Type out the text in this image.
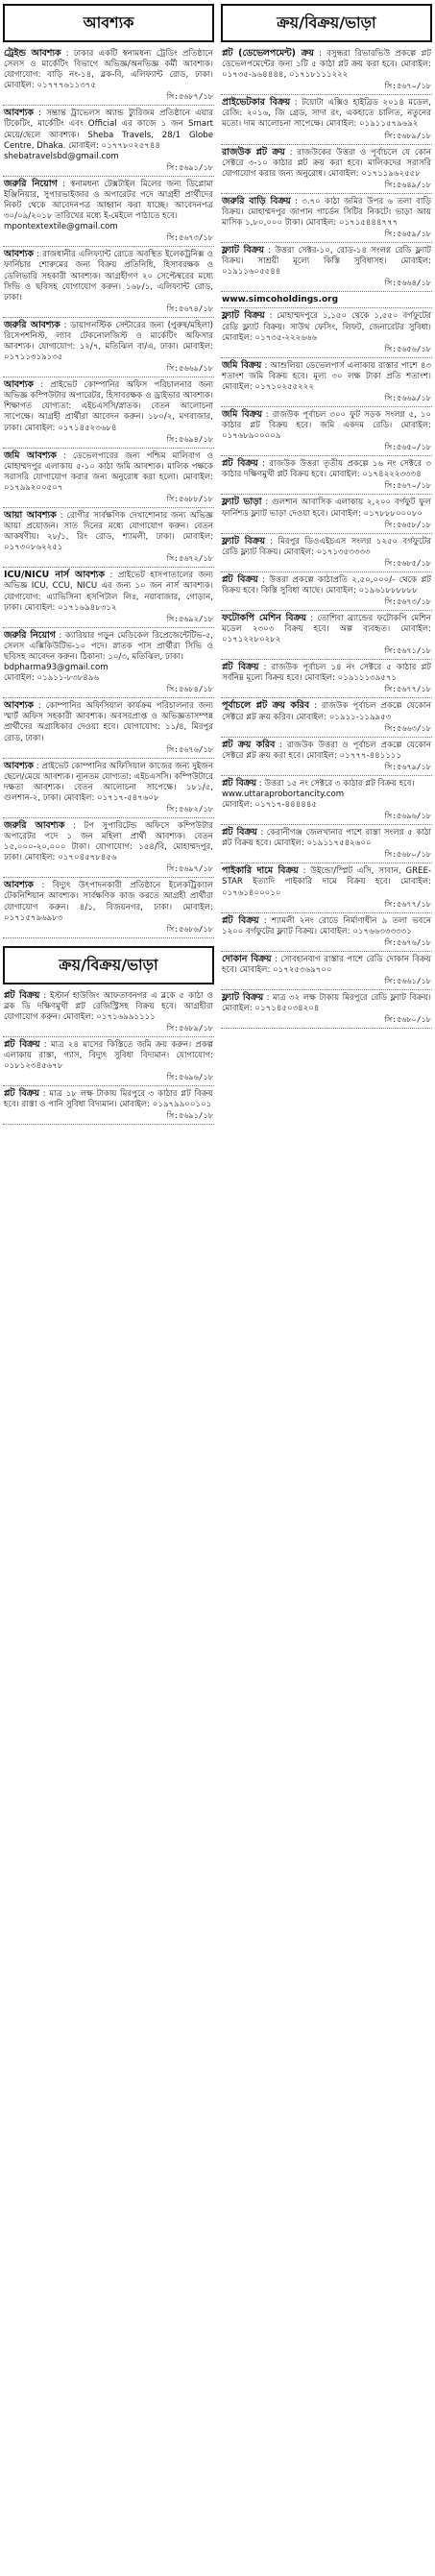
আবশ্যক

ট্রেইন্ড আবশ্যক : ঢাকার একটি স্বনামধন্য ট্রেডিং প্রতিষ্ঠানে সেলস ও মার্কেটিং বিভাগে অভিজ্ঞ/অনভিজ্ঞ কর্মী আবশ্যক। যোগাযোগ: বাড়ি নং-১৪, ব্লক-বি, এলিফ্যান্ট রোড, ঢাকা। মোবাইল: ০১৭৭৭৬১১৩৭৫
সি:৫৬৮৭/১৮

আবশ্যক : সম্ভ্রান্ত ট্রাভেলস অ্যান্ড ট্যুরিজম প্রতিষ্ঠানে এয়ার টিকেটিং, মার্কেটিং এবং Official এর কাজে ১ জন Smart মেয়ে/ছেলে আবশ্যক। Sheba Travels, 28/1 Globe Centre, Dhaka. মোবাইল: ০১৭৭৮০২৫৭৪৪
shebatravelsbd@gmail.com
সি:৫৬৯১/১৮

জরুরি নিয়োগ : স্বনামধন্য টেক্সটাইল মিলের জন্য ডিপ্লোমা ইঞ্জিনিয়ার, সুপারভাইজার ও অপারেটর পদে আগ্রহী প্রার্থীদের নিকট থেকে আবেদনপত্র আহ্বান করা যাচ্ছে। আবেদনপত্র ৩০/০৯/২০১৮ তারিখের মধ্যে ই-মেইলে পাঠাতে হবে।
mpontextextile@gmail.com
সি:৫৬৭৩/১৮

আবশ্যক : রাজধানীর এলিফ্যান্ট রোডে অবস্থিত ইলেকট্রনিক্স ও ফার্নিচার শোরুমের জন্য বিক্রয় প্রতিনিধি, হিসাবরক্ষক ও ডেলিভারি সহকারী আবশ্যক। আগ্রহীগণ ২০ সেপ্টেম্বরের মধ্যে সিভি ও ছবিসহ যোগাযোগ করুন। ১৬৮/১, এলিফ্যান্ট রোড, ঢাকা।
সি:৫৬৭৪/১৮

জরুরি আবশ্যক : ডায়াগনস্টিক সেন্টারের জন্য (পুরুষ/মহিলা) রিসেপশনিস্ট, ল্যাব টেকনোলজিস্ট ও মার্কেটিং অফিসার আবশ্যক। যোগাযোগ: ১২/৭, মতিঝিল বা/এ, ঢাকা। মোবাইল: ০১৭১১৩১৯১৩৫
সি:৫৬৬৯/১৮

আবশ্যক : প্রাইভেট কোম্পানির অফিস পরিচালনার জন্য অভিজ্ঞ কম্পিউটার অপারেটর, হিসাবরক্ষক ও ড্রাইভার আবশ্যক। শিক্ষাগত যোগ্যতা: এইচএসসি/স্নাতক। বেতন আলোচনা সাপেক্ষে। আগ্রহী প্রার্থীরা আবেদন করুন। ১৮০/২, মগবাজার, ঢাকা। মোবাইল: ০১৭১৪৫২৩৬৮৪
সি:৫৬৯৪/১৮

জমি আবশ্যক : ডেভেলপারের জন্য পশ্চিম মালিবাগ ও মোহাম্মদপুর এলাকায় ৫-১০ কাঠা জমি আবশ্যক। মালিক পক্ষকে সরাসরি যোগাযোগ করার জন্য অনুরোধ করা হলো। মোবাইল: ০১৭৯৯২০০৫০৭
সি:৫৬৮৮/১৮

আয়া আবশ্যক : রোগীর সার্বক্ষণিক দেখাশোনার জন্য অভিজ্ঞ আয়া প্রয়োজন। সাত দিনের মধ্যে যোগাযোগ করুন। বেতন আকর্ষণীয়। ২৮/১, রিং রোড, শ্যামলী, ঢাকা। মোবাইল: ০১৭৩০৮৬২২৫১
সি:৫৬৭২/১৮

ICU/NICU নার্স আবশ্যক : প্রাইভেট হাসপাতালের জন্য অভিজ্ঞ ICU, CCU, NICU এর জন্য ১০ জন নার্স আবশ্যক। যোগাযোগ: এ্যাভিসিনা হসপিটাল লিঃ, নয়াবাজার, গোড়ান, ঢাকা। মোবাইল: ০১৭১৬৯৪৮৩১২
সি:৫৬৯২/১৮

জরুরি নিয়োগ : ক্যারিয়ার গড়ুন মেডিকেল রিপ্রেজেন্টেটিভ-৫, সেলস এক্সিকিউটিভ-১০ পদে। স্নাতক পাস প্রার্থীরা সিভি ও ছবিসহ আবেদন করুন। ঠিকানা: ১০/৩, মতিঝিল, ঢাকা।
bdpharma93@gmail.com
মোবাইল: ০১৯১১-৮৩৮৪৯৬
সি:৫৬৮৪/১৮

আবশ্যক : কোম্পানির অফিসিয়াল কার্যক্রম পরিচালনার জন্য স্মার্ট অফিস সহকারী আবশ্যক। অবসরপ্রাপ্ত ও অভিজ্ঞতাসম্পন্ন প্রার্থীদের অগ্রাধিকার দেওয়া হবে। যোগাযোগ: ১১/৪, মিরপুর রোড, ঢাকা।
সি:৫৬৭৬/১৮

আবশ্যক : প্রাইভেট কোম্পানির অফিসিয়াল কাজের জন্য দুইজন ছেলে/মেয়ে আবশ্যক। ন্যূনতম যোগ্যতা: এইচএসসি। কম্পিউটারে দক্ষতা আবশ্যক। বেতন আলোচনা সাপেক্ষে। ১৮১/৫, গুলশান-২, ঢাকা। মোবাইল: ০১৭১৭-৫৪৭৬০৮
সি:৫৬৮২/১৮

জরুরি আবশ্যক : টপ সুপারিটেন্ড অফিসে কম্পিউটার অপারেটর পদে ১ জন মহিলা প্রার্থী আবশ্যক। বেতন ১৫,০০০-২০,০০০ টাকা। যোগাযোগ: ১৫৪/বি, মোহাম্মদপুর, ঢাকা। মোবাইল: ০১৭০৪৫৭৮৪৫৬
সি:৫৬৯৭/১৮

আবশ্যক : বিদ্যুৎ উৎপাদনকারী প্রতিষ্ঠানে ইলেকট্রিক্যাল টেকনিশিয়ান আবশ্যক। সার্বক্ষণিক কাজ করতে আগ্রহী প্রার্থীরা যোগাযোগ করুন। ৪/১, বিজয়নগর, ঢাকা। মোবাইল: ০১৭১৫৭৯৬৯৮৩
সি:৫৬৮৬/১৮

ক্রয়/বিক্রয়/ভাড়া

প্লট বিক্রয় : ইস্টার্ন হাউজিং আফতাবনগর এ ব্লকে ৫ কাঠা ও ব্লক ডি দক্ষিণমুখী প্লট রেজিস্ট্রিসহ বিক্রয় হবে। আগ্রহীরা যোগাযোগ করুন। মোবাইল: ০১৭১৬৯৯১১১১
সি:৫৬৮৯/১৮

প্লট বিক্রয় : মাত্র ২৪ মাসের কিস্তিতে জমি ক্রয় করুন। প্রকল্প এলাকায় রাস্তা, গ্যাস, বিদ্যুৎ সুবিধা বিদ্যমান। যোগাযোগ: ০১৮১২৩৪৫৬৭৮
সি:৫৬৯৬/১৮

প্লট বিক্রয় : মাত্র ১৮ লক্ষ টাকায় মিরপুরে ৩ কাঠার প্লট বিক্রয় হবে। রাস্তা ও পানি সুবিধা বিদ্যমান। মোবাইল: ০১৯৭৯৯০০১০১
সি:৫৬৯১/১৮

ক্রয়/বিক্রয়/ভাড়া

প্লট (ডেভেলপমেন্ট) ক্রয় : বসুন্ধরা রিভারভিউ প্রকল্পে প্লট ডেভেলপমেন্টের জন্য ১টি ৫ কাঠা প্লট ক্রয় করা হবে। মোবাইল: ০১৭৩৫-৯৬৪৪৪৪, ০১৭১৮১১১২২২
সি:৫৬৭০/১৮

প্রাইভেটকার বিক্রয় : টয়োটা এক্সিও হাইব্রিড ২০১৪ মডেল, রেজি: ২০১৬, জি গ্রেড, সাদা রং, একহাতে চালিত, নতুনের মতো। দাম আলোচনা সাপেক্ষে। মোবাইল: ০১৯১১৫৭৯৬৯২
সি:৫৬৮৯/১৮

রাজউক প্লট ক্রয় : রাজউকের উত্তরা ও পূর্বাচলে যে কোন সেক্টরে ৩-১০ কাঠার প্লট ক্রয় করা হবে। মালিকদের সরাসরি যোগাযোগ করার জন্য অনুরোধ। মোবাইল: ০১৭১১৯৬২৫৫৮
সি:৫৬৪৯/১৮

জরুরি বাড়ি বিক্রয় : ৩.৭০ কাঠা জমির উপর ৬ তলা বাড়ি বিক্রয়। মোহাম্মদপুর জাপান গার্ডেন সিটির নিকটে। ভাড়া আয় মাসিক ১,৮০,০০০ টাকা। মোবাইল: ০১৭১৫৪৪৪৭৭৭
সি:৫৬৫৯/১৮

ফ্ল্যাট বিক্রয় : উত্তরা সেক্টর-১০, রোড-১৪ সংলগ্ন রেডি ফ্ল্যাট বিক্রয়। সাশ্রয়ী মূল্যে কিস্তি সুবিধাসহ। মোবাইল: ০১৯১১৬০৫৫৪৪
সি:৫৬৬৪/১৮

www.simcoholdings.org

ফ্ল্যাট বিক্রয় : মোহাম্মদপুরে ১,১৫০ থেকে ১,৫৫০ বর্গফুটের রেডি ফ্ল্যাট বিক্রয়। সাউথ ফেসিং, লিফট, জেনারেটর সুবিধা। মোবাইল: ০১৭৩৫-২২২৬৬৬
সি:৫৬৫৬/১৮

জমি বিক্রয় : আশুলিয়া ডেভেলপার্স এলাকায় রাস্তার পাশে ৪৩ শতাংশ জমি বিক্রয় হবে। মূল্য ৩০ লক্ষ টাকা প্রতি শতাংশ। মোবাইল: ০১৭১০২৫৫২২২
সি:৫৬৬৯/১৮

জমি বিক্রয় : রাজউক পূর্বাচল ৩০০ ফুট সড়ক সংলগ্ন ৫, ১০ কাঠার প্লট বিক্রয় হবে। জমি একদম রেডি। মোবাইল: ০১৭৬৮৯০০০০৯
সি:৫৬৫০/১৮

প্লট বিক্রয় : রাজউক উত্তরা তৃতীয় প্রকল্পে ১৬ নং সেক্টরে ৩ কাঠার দক্ষিণমুখী প্লট বিক্রয় হবে। মোবাইল: ০১৭৪২২২৩৩৩৪
সি:৫৬৭০/১৮

ফ্ল্যাট ভাড়া : গুলশান আবাসিক এলাকায় ২,২০০ বর্গফুট ফুল ফার্নিশড ফ্ল্যাট ভাড়া দেওয়া হবে। মোবাইল: ০১৭৮৮৮০০০৮০
সি:৫৬৫৮/১৮

ফ্ল্যাট বিক্রয় : মিরপুর ডিওএইচএস সংলগ্ন ১২৫০ বর্গফুটের রেডি ফ্ল্যাট বিক্রয়। মোবাইল: ০১৭১৩৫৩৩৩৩
সি:৫৬৮৫/১৮

প্লট বিক্রয় : উত্তরা প্রকল্পে কাঠাপ্রতি ২,৫০,০০০/- থেকে প্লট বিক্রয় হবে। কিস্তি সুবিধা আছে। মোবাইল: ০১৯৬১৮৮৮৮৮৮
সি:৫৬৭৩/১৮

ফটোকপি মেশিন বিক্রয় : তোশিবা ব্র্যান্ডের ফটোকপি মেশিন মডেল ২৩০৩ বিক্রয় হবে। অল্প ব্যবহৃত। মোবাইল: ০১৭১২২৮০২৮২
সি:৫৬৭১/১৮

প্লট বিক্রয় : রাজউক পূর্বাচল ১৪ নং সেক্টরে ৫ কাঠার প্লট সর্বনিম্ন মূল্যে বিক্রয় হবে। মোবাইল: ০১৯১১১৩৯৫৭১
সি:৫৬৭৭/১৮

পূর্বাচলে প্লট ক্রয় করিব : রাজউক পূর্বাচল প্রকল্পে যেকোন সেক্টরে প্লট ক্রয় করিব। মোবাইল: ০১৯১১-১১৯৯৫৩
সি:৫৬৬৩/১৮

প্লট ক্রয় করিব : রাজউক উত্তরা ও পূর্বাচল প্রকল্পে যেকোন সেক্টরে প্লট ক্রয় করা হবে। মোবাইল: ০১৭৭৭-৪৪১১১১
সি:৫৬৭৯/১৮

প্লট বিক্রয় : উত্তরা ১৫ নং সেক্টরে ৩ কাঠার প্লট বিক্রয় হবে।
www.uttaraprobortancity.com
মোবাইল: ০১৭১৭-৪৪৪৪৪৫
সি:৫৬৯৬/১৮

প্লট বিক্রয় : কেরানীগঞ্জ জেলখানার পাশে রাস্তা সংলগ্ন ৫ কাঠা প্লট বিক্রয় হবে। মোবাইল: ০১৯১১৭৫৪২৬০০
সি:৫৬৮০/১৮

পাইকারি দামে বিক্রয় : উইন্ডো/স্প্লিট এসি, সাবান, GREE-STAR ইত্যাদি পাইকারি দামে বিক্রয় হবে। মোবাইল: ০১৭৬১৪০০০১০
সি:৫৬৭৭/১৮

প্লট বিক্রয় : শ্যামলী ২নং রোডে নির্মাণাধীন ৯ তলা ভবনে ১২০০ বর্গফুটের ফ্ল্যাট বিক্রয়। মোবাইল: ০১৭৬৬৩৩৩৩৩১
সি:৫৬৭৬/১৮

দোকান বিক্রয় : সোবহানবাগ রাস্তার পাশে রেডি দোকান বিক্রয় হবে। মোবাইল: ০১৭২৫৩৬৯৭০০
সি:৫৬৬১/১৮

ফ্ল্যাট বিক্রয় : মাত্র ৩২ লক্ষ টাকায় মিরপুরে রেডি ফ্ল্যাট বিক্রয়। মোবাইল: ০১৭১৪৫০৩৪২০৪
সি:৫৬৮০/১৮
